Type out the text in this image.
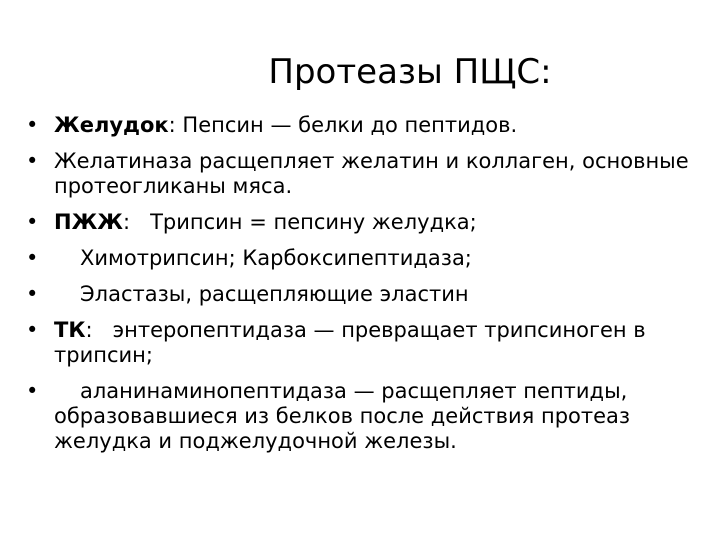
Протеазы ПЩС:
• Желудок: Пепсин — белки до пептидов.
• Желатиназа расщепляет желатин и коллаген, основные протеогликаны мяса.
• ПЖЖ: Трипсин = пепсину желудка;
• Химотрипсин; Карбоксипептидаза;
• Эластазы, расщепляющие эластин
• ТК: энтеропептидаза — превращает трипсиноген в трипсин;
• аланинаминопептидаза — расщепляет пептиды, образовавшиеся из белков после действия протеаз желудка и поджелудочной железы.
